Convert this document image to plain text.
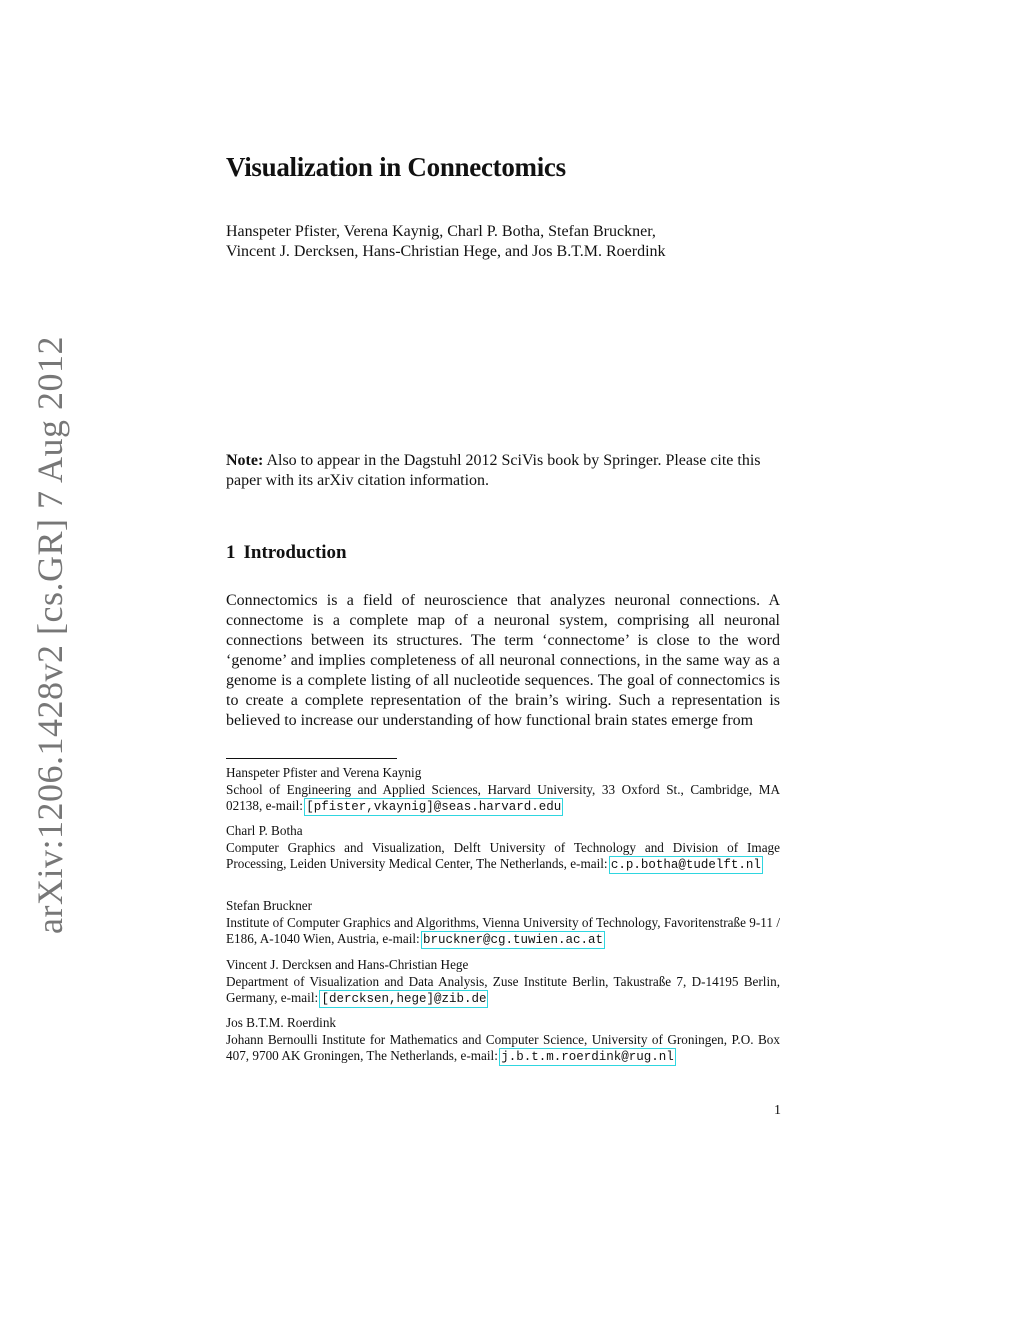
arXiv:1206.1428v2 [cs.GR] 7 Aug 2012
Visualization in Connectomics
Hanspeter Pfister, Verena Kaynig, Charl P. Botha, Stefan Bruckner,
Vincent J. Dercksen, Hans-Christian Hege, and Jos B.T.M. Roerdink
Note: Also to appear in the Dagstuhl 2012 SciVis book by Springer. Please cite this paper with its arXiv citation information.
1 Introduction
Connectomics is a field of neuroscience that analyzes neuronal connections. A connectome is a complete map of a neuronal system, comprising all neuronal connections between its structures. The term ‘connectome’ is close to the word ‘genome’ and implies completeness of all neuronal connections, in the same way as a genome is a complete listing of all nucleotide sequences. The goal of connectomics is to create a complete representation of the brain’s wiring. Such a representation is believed to increase our understanding of how functional brain states emerge from

Hanspeter Pfister and Verena Kaynig

School of Engineering and Applied Sciences, Harvard University, 33 Oxford St., Cambridge, MA 02138, e-mail: [pfister,vkaynig]@seas.harvard.edu

Charl P. Botha

Computer Graphics and Visualization, Delft University of Technology and Division of Image Processing, Leiden University Medical Center, The Netherlands, e-mail: c.p.botha@tudelft.nl

Stefan Bruckner

Institute of Computer Graphics and Algorithms, Vienna University of Technology, Favoritenstraße 9-11 / E186, A-1040 Wien, Austria, e-mail: bruckner@cg.tuwien.ac.at

Vincent J. Dercksen and Hans-Christian Hege

Department of Visualization and Data Analysis, Zuse Institute Berlin, Takustraße 7, D-14195 Berlin, Germany, e-mail: [dercksen,hege]@zib.de

Jos B.T.M. Roerdink

Johann Bernoulli Institute for Mathematics and Computer Science, University of Groningen, P.O. Box 407, 9700 AK Groningen, The Netherlands, e-mail: j.b.t.m.roerdink@rug.nl

1
